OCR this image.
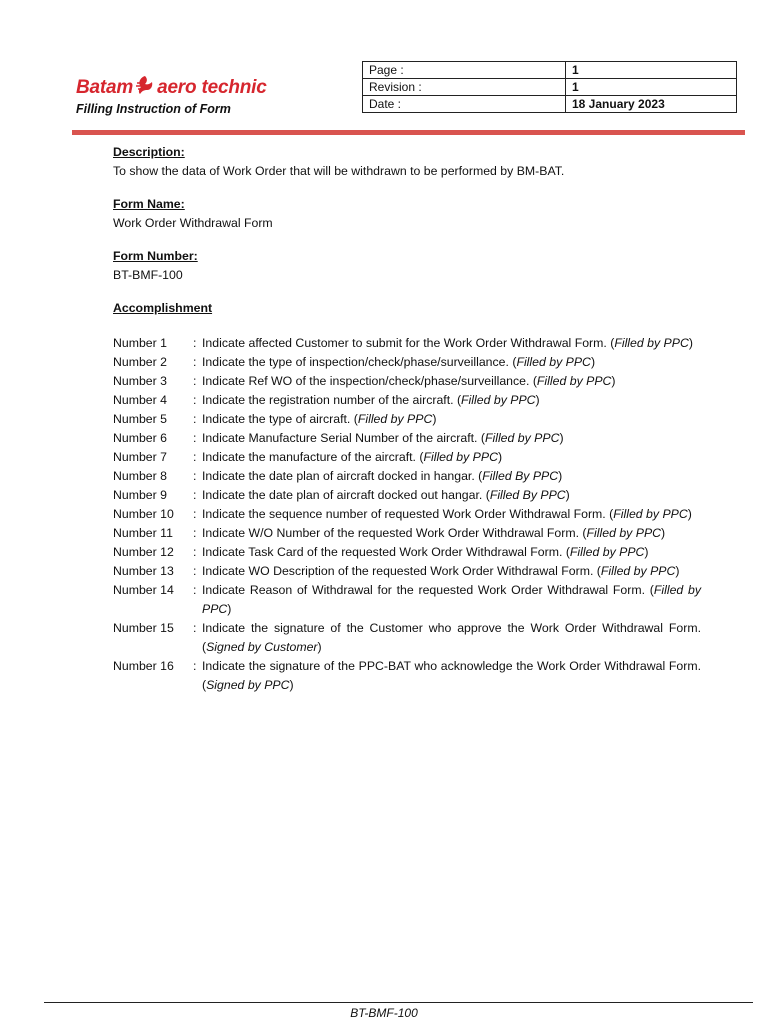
Batam aero technic
Filling Instruction of Form
Page :	1
Revision :	1
Date :	18 January 2023
Description:
To show the data of Work Order that will be withdrawn to be performed by BM-BAT.
Form Name:
Work Order Withdrawal Form
Form Number:
BT-BMF-100
Accomplishment
Number 1	: Indicate affected Customer to submit for the Work Order Withdrawal Form. (Filled by PPC)
Number 2	: Indicate the type of inspection/check/phase/surveillance. (Filled by PPC)
Number 3	: Indicate Ref WO of the inspection/check/phase/surveillance. (Filled by PPC)
Number 4	: Indicate the registration number of the aircraft. (Filled by PPC)
Number 5	: Indicate the type of aircraft. (Filled by PPC)
Number 6	: Indicate Manufacture Serial Number of the aircraft. (Filled by PPC)
Number 7	: Indicate the manufacture of the aircraft. (Filled by PPC)
Number 8	: Indicate the date plan of aircraft docked in hangar. (Filled By PPC)
Number 9	: Indicate the date plan of aircraft docked out hangar. (Filled By PPC)
Number 10	: Indicate the sequence number of requested Work Order Withdrawal Form. (Filled by PPC)
Number 11	: Indicate W/O Number of the requested Work Order Withdrawal Form. (Filled by PPC)
Number 12	: Indicate Task Card of the requested Work Order Withdrawal Form. (Filled by PPC)
Number 13	: Indicate WO Description of the requested Work Order Withdrawal Form. (Filled by PPC)
Number 14	: Indicate Reason of Withdrawal for the requested Work Order Withdrawal Form. (Filled by PPC)
Number 15	: Indicate the signature of the Customer who approve the Work Order Withdrawal Form. (Signed by Customer)
Number 16	: Indicate the signature of the PPC-BAT who acknowledge the Work Order Withdrawal Form. (Signed by PPC)
BT-BMF-100
